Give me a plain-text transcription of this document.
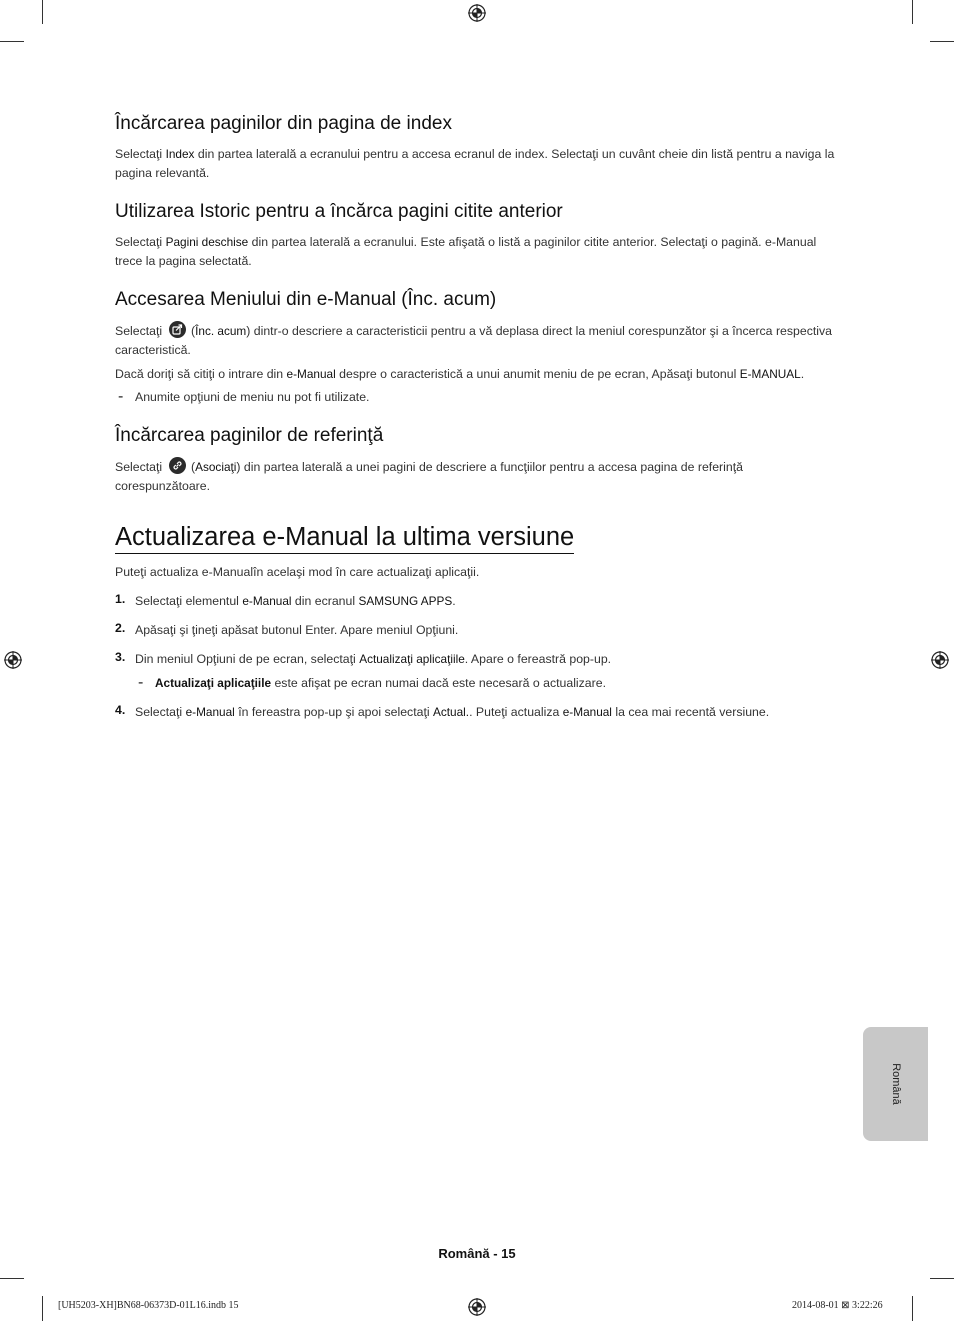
Încărcarea paginilor din pagina de index

Selectaţi Index din partea laterală a ecranului pentru a accesa ecranul de index. Selectaţi un cuvânt cheie din listă pentru a naviga la pagina relevantă.

Utilizarea Istoric pentru a încărca pagini citite anterior

Selectaţi Pagini deschise din partea laterală a ecranului. Este afişată o listă a paginilor citite anterior. Selectaţi o pagină. e-Manual trece la pagina selectată.

Accesarea Meniului din e-Manual (Înc. acum)

Selectaţi
(Înc. acum) dintr-o descriere a caracteristicii pentru a vă deplasa direct la meniul corespunzător şi a încerca respectiva caracteristică.

Dacă doriţi să citiţi o intrare din e-Manual despre o caracteristică a unui anumit meniu de pe ecran, Apăsaţi butonul E-MANUAL.

- Anumite opţiuni de meniu nu pot fi utilizate.

Încărcarea paginilor de referinţă

Selectaţi
(Asociaţi) din partea laterală a unei pagini de descriere a funcţiilor pentru a accesa pagina de referinţă corespunzătoare.

Actualizarea e-Manual la ultima versiune

Puteţi actualiza e-Manualîn acelaşi mod în care actualizaţi aplicaţii.

1. Selectaţi elementul e-Manual din ecranul SAMSUNG APPS.

2. Apăsaţi şi ţineţi apăsat butonul Enter. Apare meniul Opţiuni.

3. Din meniul Opţiuni de pe ecran, selectaţi Actualizaţi aplicaţiile. Apare o fereastră pop-up.

- Actualizaţi aplicaţiile este afişat pe ecran numai dacă este necesară o actualizare.

4. Selectaţi e-Manual în fereastra pop-up şi apoi selectaţi Actual.. Puteţi actualiza e-Manual la cea mai recentă versiune.

Română
Română - 15
[UH5203-XH]BN68-06373D-01L16.indb 15	2014-08-01 ⊠ 3:22:26
